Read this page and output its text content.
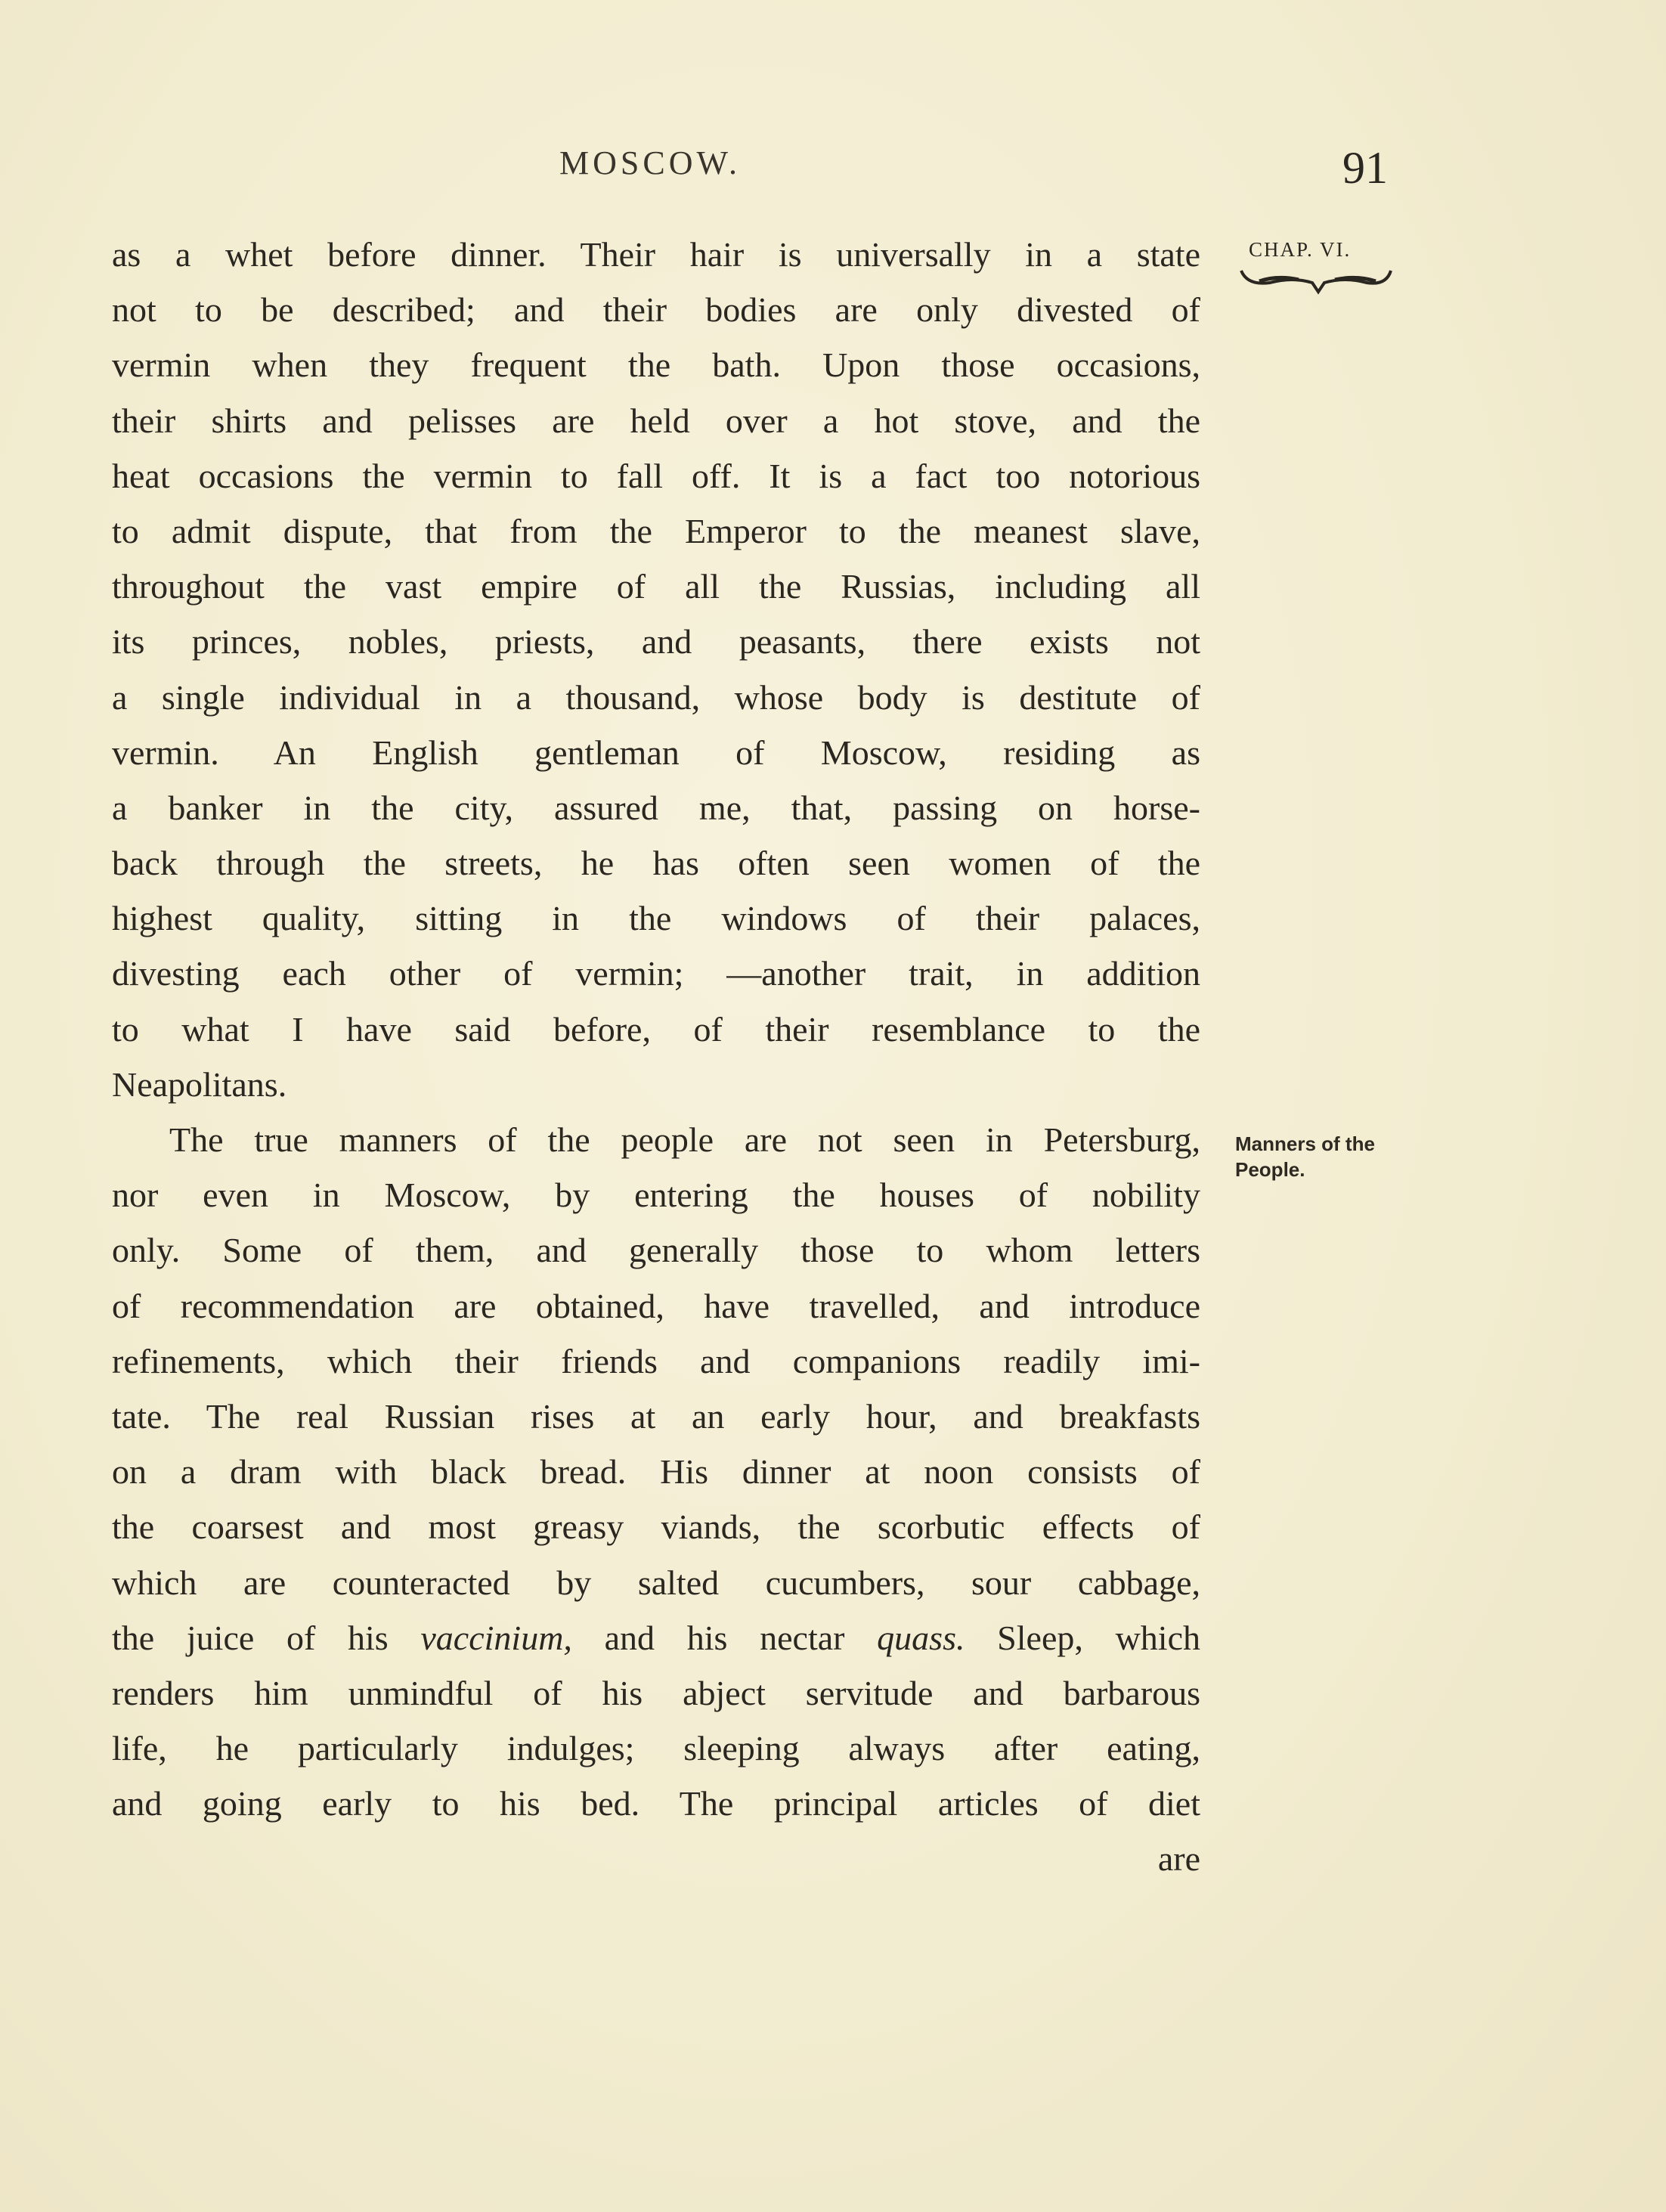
MOSCOW.	91
CHAP. VI.
Manners of the
People.
as a whet before dinner. Their hair is universally in a state
not to be described; and their bodies are only divested of
vermin when they frequent the bath. Upon those occasions,
their shirts and pelisses are held over a hot stove, and the
heat occasions the vermin to fall off. It is a fact too notorious
to admit dispute, that from the Emperor to the meanest slave,
throughout the vast empire of all the Russias, including all
its princes, nobles, priests, and peasants, there exists not
a single individual in a thousand, whose body is destitute of
vermin. An English gentleman of Moscow, residing as
a banker in the city, assured me, that, passing on horse-
back through the streets, he has often seen women of the
highest quality, sitting in the windows of their palaces,
divesting each other of vermin; —another trait, in addition
to what I have said before, of their resemblance to the
Neapolitans.
The true manners of the people are not seen in Petersburg,
nor even in Moscow, by entering the houses of nobility
only. Some of them, and generally those to whom letters
of recommendation are obtained, have travelled, and introduce
refinements, which their friends and companions readily imi-
tate. The real Russian rises at an early hour, and breakfasts
on a dram with black bread. His dinner at noon consists of
the coarsest and most greasy viands, the scorbutic effects of
which are counteracted by salted cucumbers, sour cabbage,
the juice of his vaccinium, and his nectar quass. Sleep, which
renders him unmindful of his abject servitude and barbarous
life, he particularly indulges; sleeping always after eating,
and going early to his bed. The principal articles of diet
are
